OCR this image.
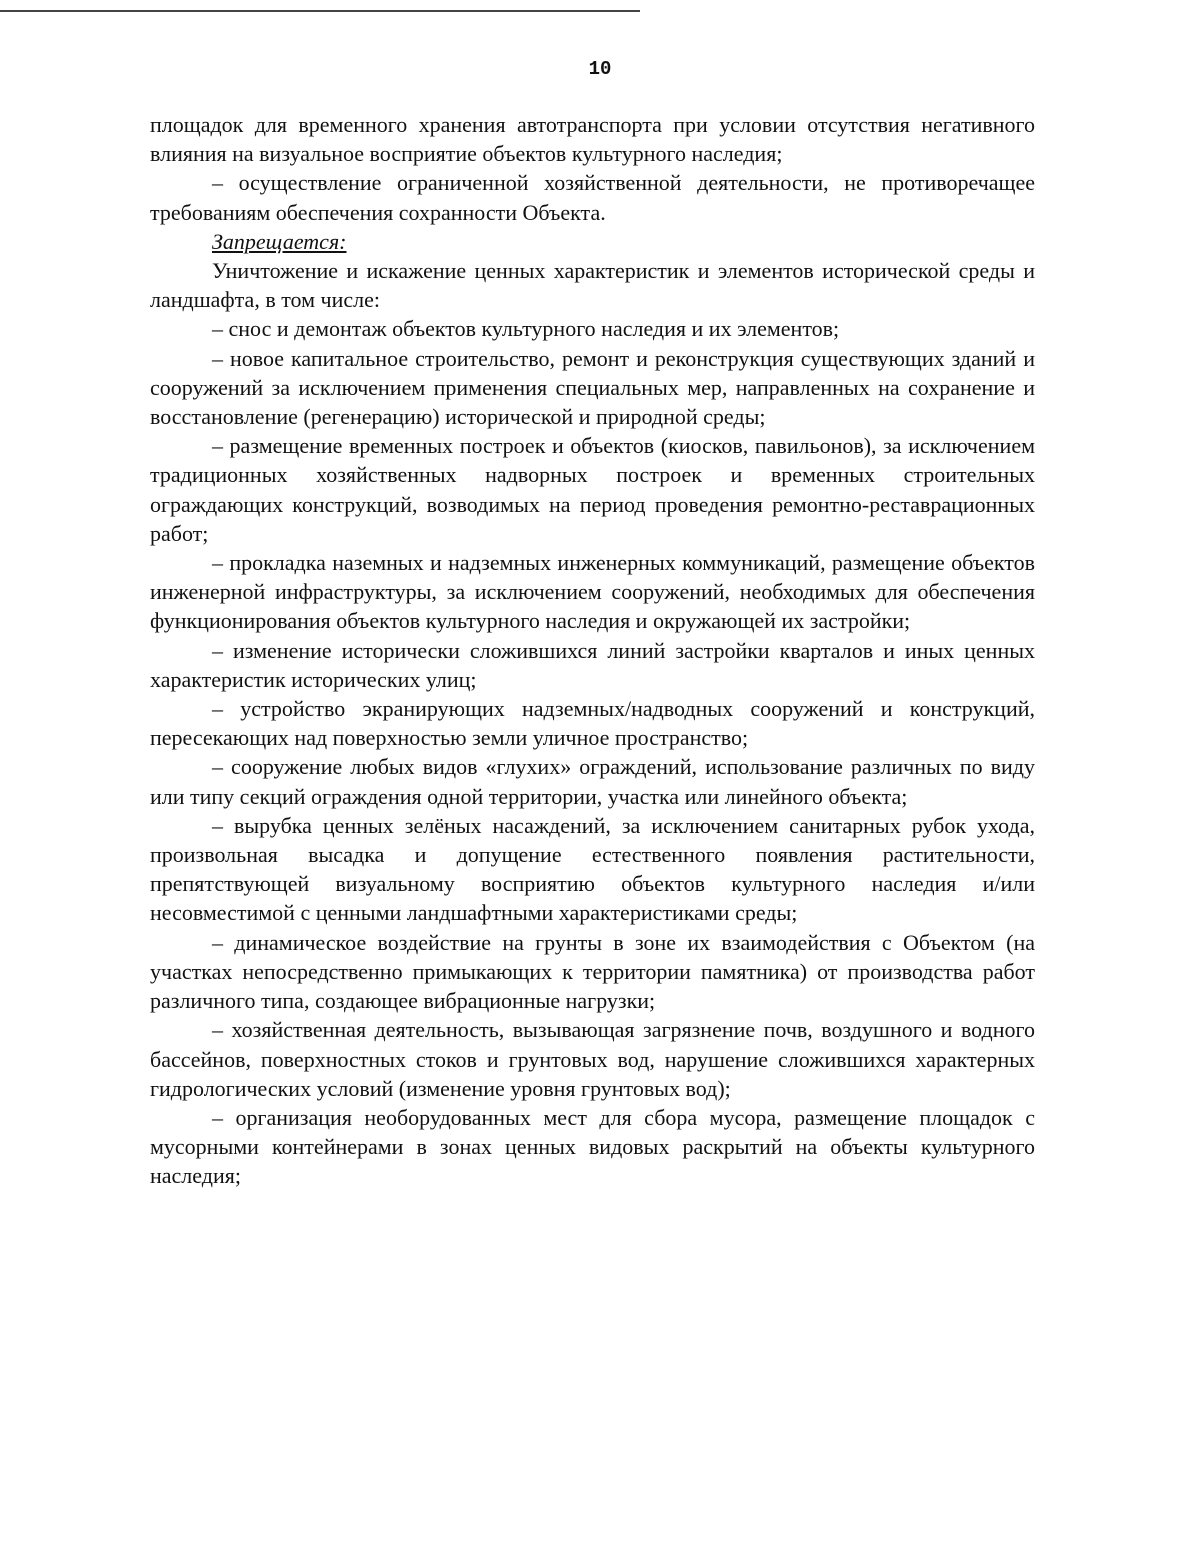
10

площадок для временного хранения автотранспорта при условии отсутствия негативного влияния на визуальное восприятие объектов культурного наследия;

– осуществление ограниченной хозяйственной деятельности, не противоречащее требованиям обеспечения сохранности Объекта.

Запрещается:

Уничтожение и искажение ценных характеристик и элементов исторической среды и ландшафта, в том числе:

– снос и демонтаж объектов культурного наследия и их элементов;

– новое капитальное строительство, ремонт и реконструкция существующих зданий и сооружений за исключением применения специальных мер, направленных на сохранение и восстановление (регенерацию) исторической и природной среды;

– размещение временных построек и объектов (киосков, павильонов), за исключением традиционных хозяйственных надворных построек и временных строительных ограждающих конструкций, возводимых на период проведения ремонтно-реставрационных работ;

– прокладка наземных и надземных инженерных коммуникаций, размещение объектов инженерной инфраструктуры, за исключением сооружений, необходимых для обеспечения функционирования объектов культурного наследия и окружающей их застройки;

– изменение исторически сложившихся линий застройки кварталов и иных ценных характеристик исторических улиц;

– устройство экранирующих надземных/надводных сооружений и конструкций, пересекающих над поверхностью земли уличное пространство;

– сооружение любых видов «глухих» ограждений, использование различных по виду или типу секций ограждения одной территории, участка или линейного объекта;

– вырубка ценных зелёных насаждений, за исключением санитарных рубок ухода, произвольная высадка и допущение естественного появления растительности, препятствующей визуальному восприятию объектов культурного наследия и/или несовместимой с ценными ландшафтными характеристиками среды;

– динамическое воздействие на грунты в зоне их взаимодействия с Объектом (на участках непосредственно примыкающих к территории памятника) от производства работ различного типа, создающее вибрационные нагрузки;

– хозяйственная деятельность, вызывающая загрязнение почв, воздушного и водного бассейнов, поверхностных стоков и грунтовых вод, нарушение сложившихся характерных гидрологических условий (изменение уровня грунтовых вод);

– организация необорудованных мест для сбора мусора, размещение площадок с мусорными контейнерами в зонах ценных видовых раскрытий на объекты культурного наследия;
